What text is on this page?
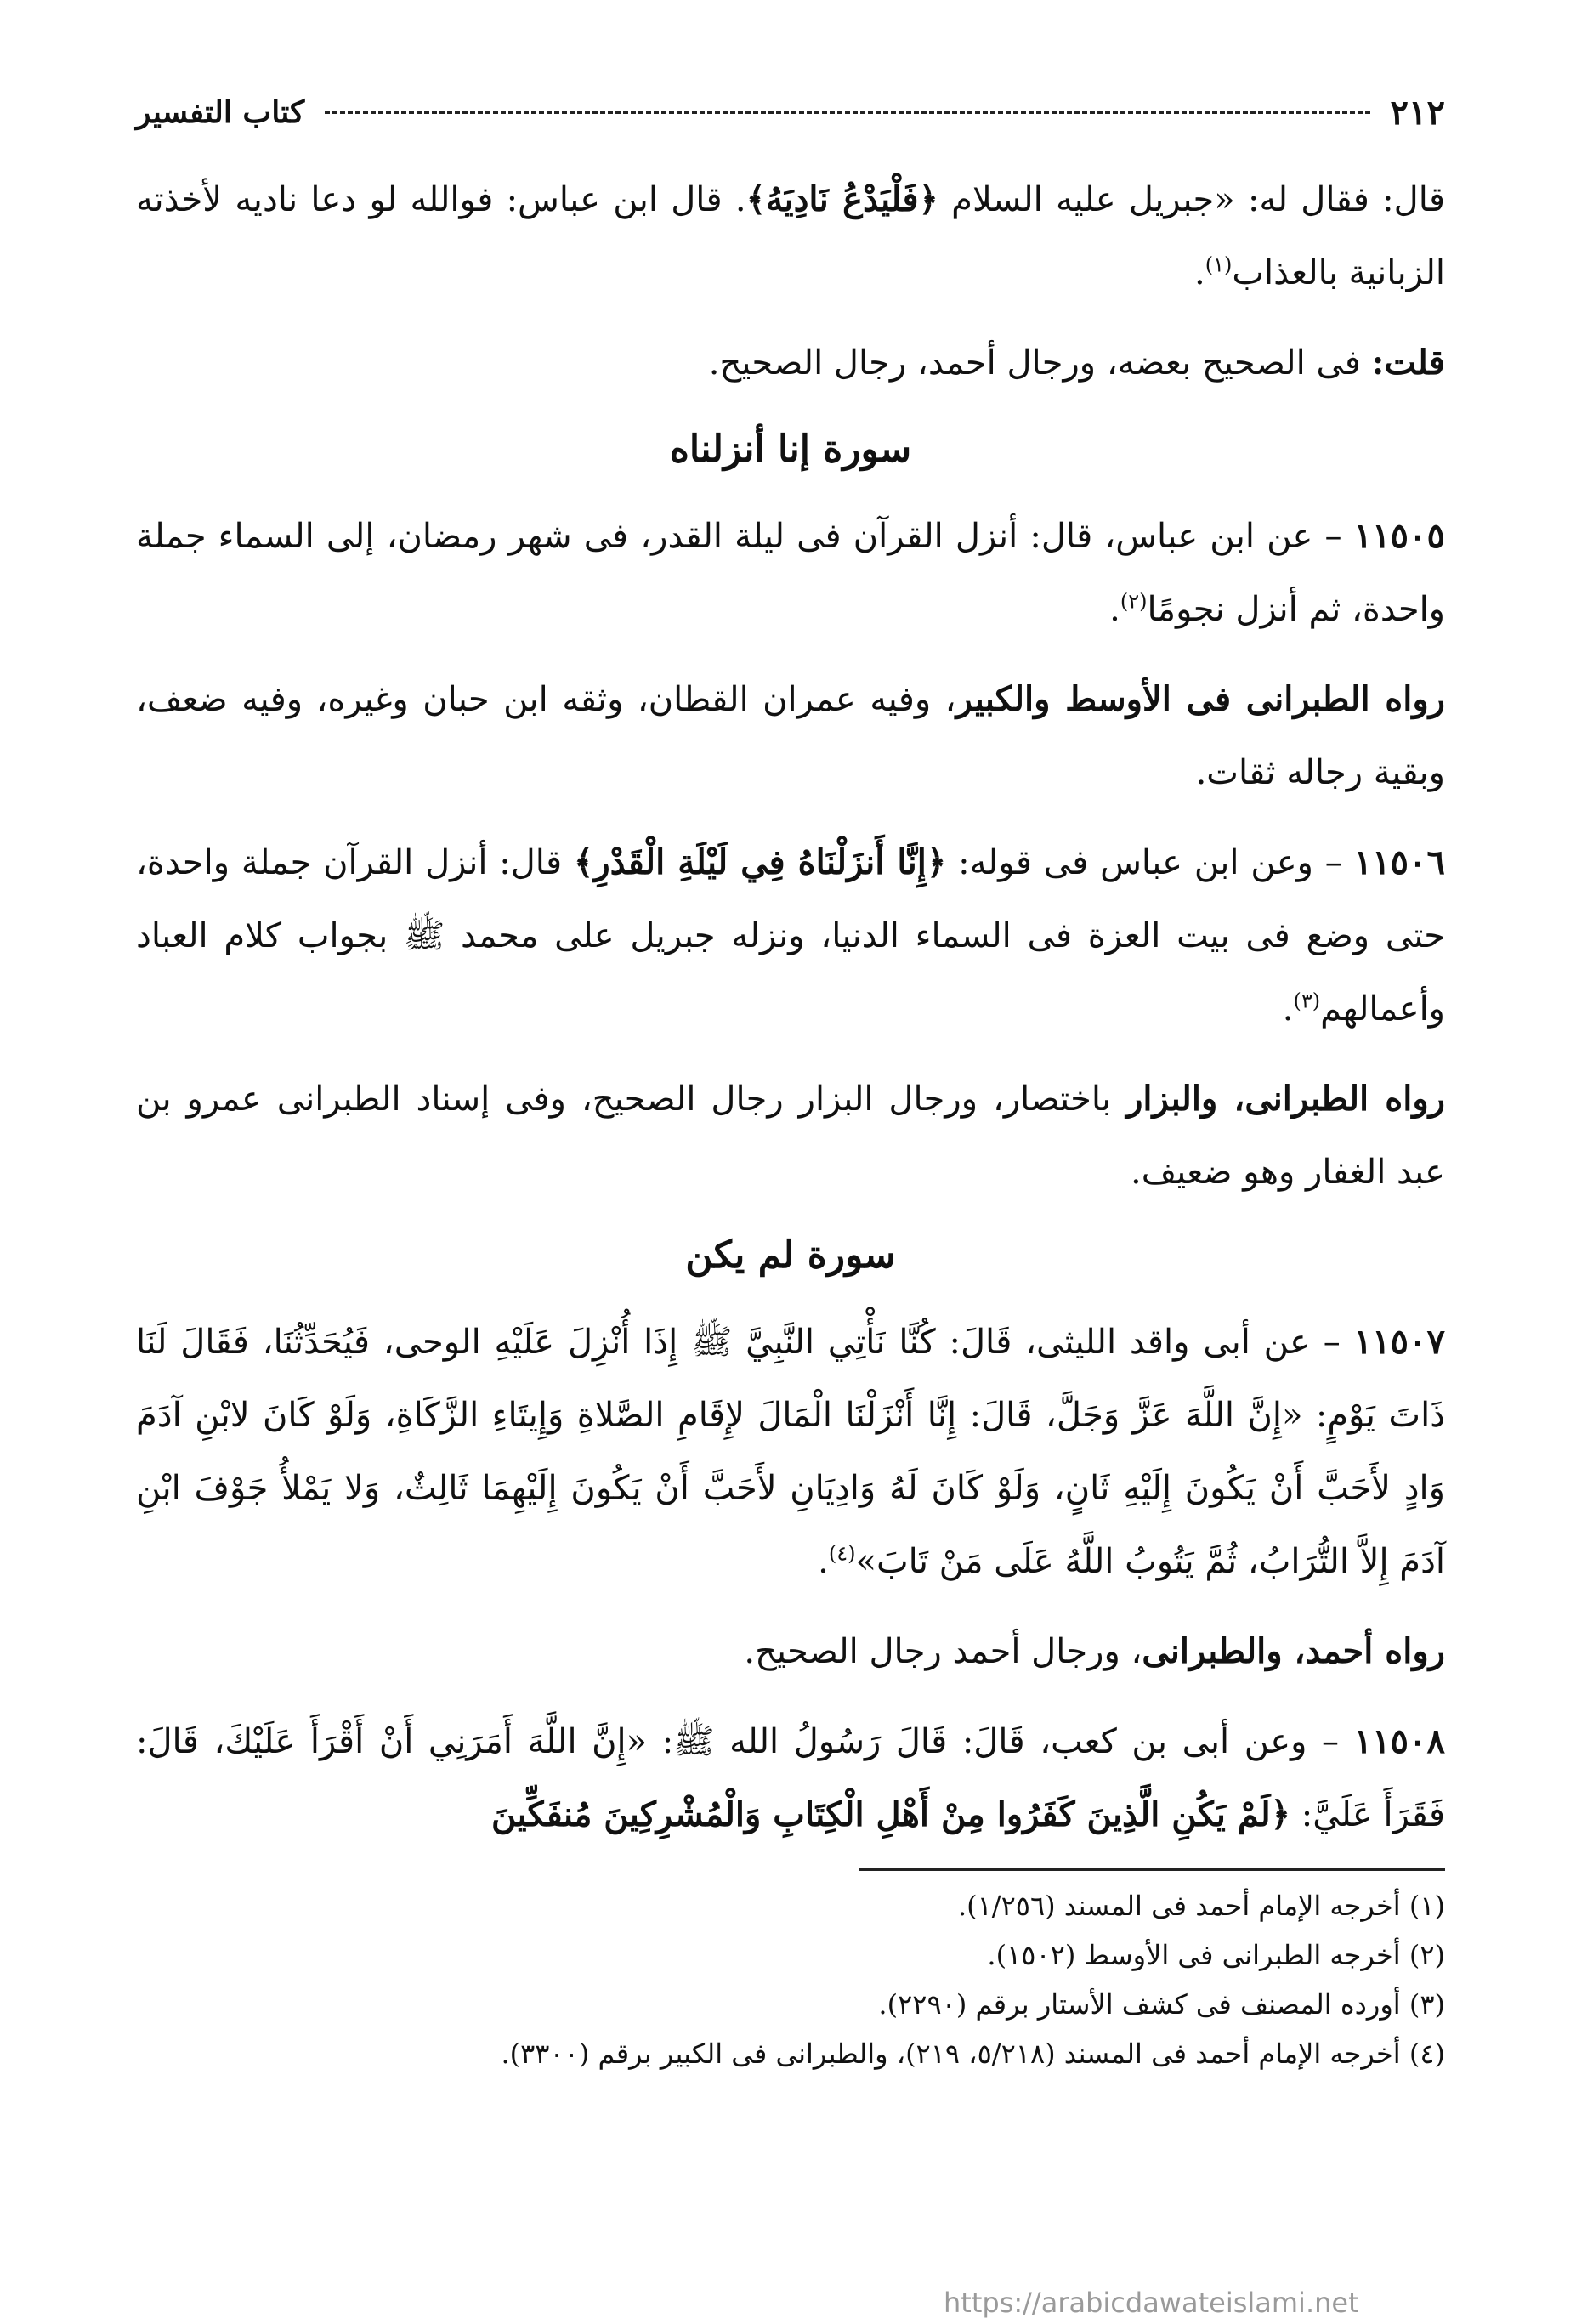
٢١٢
كتاب التفسير

قال: فقال له: «جبريل عليه السلام ﴿فَلْيَدْعُ نَادِيَهُ﴾. قال ابن عباس: فوالله لو دعا ناديه لأخذته الزبانية بالعذاب$^{(١)}$.

قلت: فى الصحيح بعضه، ورجال أحمد، رجال الصحيح.

سورة إنا أنزلناه

١١٥٠٥ – عن ابن عباس، قال: أنزل القرآن فى ليلة القدر، فى شهر رمضان، إلى السماء جملة واحدة، ثم أنزل نجومًا$^{(٢)}$.

رواه الطبرانى فى الأوسط والكبير، وفيه عمران القطان، وثقه ابن حبان وغيره، وفيه ضعف، وبقية رجاله ثقات.

١١٥٠٦ – وعن ابن عباس فى قوله: ﴿إِنَّا أَنزَلْنَاهُ فِي لَيْلَةِ الْقَدْرِ﴾ قال: أنزل القرآن جملة واحدة، حتى وضع فى بيت العزة فى السماء الدنيا، ونزله جبريل على محمد ﷺ بجواب كلام العباد وأعمالهم$^{(٣)}$.

رواه الطبرانى، والبزار باختصار، ورجال البزار رجال الصحيح، وفى إسناد الطبرانى عمرو بن عبد الغفار وهو ضعيف.

سورة لم يكن

١١٥٠٧ – عن أبى واقد الليثى، قَالَ: كُنَّا نَأْتِي النَّبِيَّ ﷺ إِذَا أُنْزِلَ عَلَيْهِ الوحى، فَيُحَدِّثُنَا، فَقَالَ لَنَا ذَاتَ يَوْمٍ: «إِنَّ اللَّهَ عَزَّ وَجَلَّ، قَالَ: إِنَّا أَنْزَلْنَا الْمَالَ لإِقَامِ الصَّلاةِ وَإِيتَاءِ الزَّكَاةِ، وَلَوْ كَانَ لابْنِ آدَمَ وَادٍ لأَحَبَّ أَنْ يَكُونَ إِلَيْهِ ثَانٍ، وَلَوْ كَانَ لَهُ وَادِيَانِ لأَحَبَّ أَنْ يَكُونَ إِلَيْهِمَا ثَالِثٌ، وَلا يَمْلأُ جَوْفَ ابْنِ آدَمَ إِلاَّ التُّرَابُ، ثُمَّ يَتُوبُ اللَّهُ عَلَى مَنْ تَابَ»$^{(٤)}$.

رواه أحمد، والطبرانى، ورجال أحمد رجال الصحيح.

١١٥٠٨ – وعن أبى بن كعب، قَالَ: قَالَ رَسُولُ الله ﷺ: «إِنَّ اللَّهَ أَمَرَنِي أَنْ أَقْرَأَ عَلَيْكَ، قَالَ: فَقَرَأَ عَلَيَّ: ﴿لَمْ يَكُنِ الَّذِينَ كَفَرُوا مِنْ أَهْلِ الْكِتَابِ وَالْمُشْرِكِينَ مُنفَكِّينَ

(١) أخرجه الإمام أحمد فى المسند (١/٢٥٦).

(٢) أخرجه الطبرانى فى الأوسط (١٥٠٢).

(٣) أورده المصنف فى كشف الأستار برقم (٢٢٩٠).

(٤) أخرجه الإمام أحمد فى المسند (٥/٢١٨، ٢١٩)، والطبرانى فى الكبير برقم (٣٣٠٠).

https://arabicdawateislami.net
